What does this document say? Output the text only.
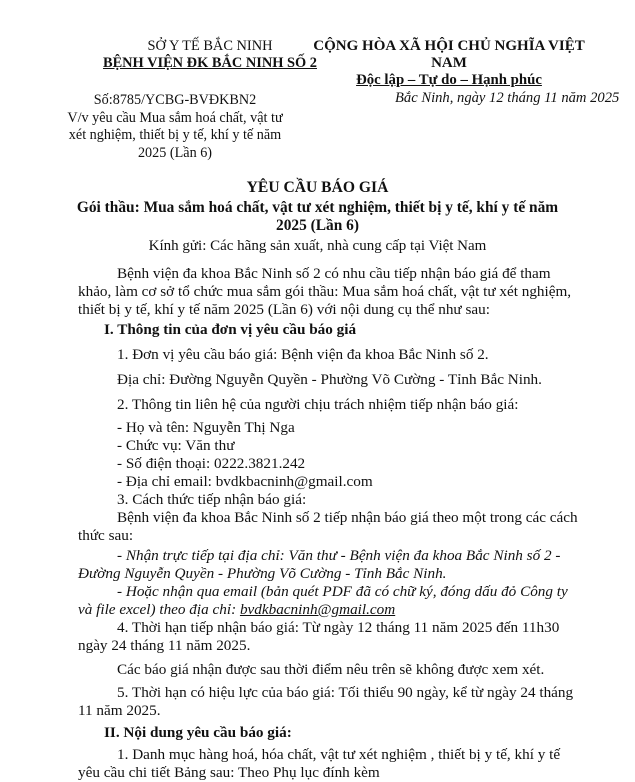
SỞ Y TẾ BẮC NINH
BỆNH VIỆN ĐK BẮC NINH SỐ 2
Số:8785/YCBG-BVĐKBN2
V/v yêu cầu Mua sắm hoá chất, vật tư
xét nghiệm, thiết bị y tế, khí y tế năm
2025 (Lần 6)
CỘNG HÒA XÃ HỘI CHỦ NGHĨA VIỆT NAM
Độc lập – Tự do – Hạnh phúc
Bắc Ninh, ngày 12 tháng 11 năm 2025
YÊU CẦU BÁO GIÁ
Gói thầu: Mua sắm hoá chất, vật tư xét nghiệm, thiết bị y tế, khí y tế năm
2025 (Lần 6)
Kính gửi: Các hãng sản xuất, nhà cung cấp tại Việt Nam
Bệnh viện đa khoa Bắc Ninh số 2 có nhu cầu tiếp nhận báo giá để tham
khảo, làm cơ sở tổ chức mua sắm gói thầu: Mua sắm hoá chất, vật tư xét nghiệm,
thiết bị y tế, khí y tế năm 2025 (Lần 6) với nội dung cụ thể như sau:
I. Thông tin của đơn vị yêu cầu báo giá
1. Đơn vị yêu cầu báo giá: Bệnh viện đa khoa Bắc Ninh số 2.
Địa chỉ: Đường Nguyễn Quyền - Phường Võ Cường - Tỉnh Bắc Ninh.
2. Thông tin liên hệ của người chịu trách nhiệm tiếp nhận báo giá:
- Họ và tên: Nguyễn Thị Nga
- Chức vụ: Văn thư
- Số điện thoại: 0222.3821.242
- Địa chỉ email: bvdkbacninh@gmail.com
3. Cách thức tiếp nhận báo giá:
Bệnh viện đa khoa Bắc Ninh số 2 tiếp nhận báo giá theo một trong các cách
thức sau:
- Nhận trực tiếp tại địa chỉ: Văn thư - Bệnh viện đa khoa Bắc Ninh số 2 -
Đường Nguyễn Quyền - Phường Võ Cường - Tỉnh Bắc Ninh.
- Hoặc nhận qua email (bản quét PDF đã có chữ ký, đóng dấu đỏ Công ty
và file excel) theo địa chỉ: bvdkbacninh@gmail.com
4. Thời hạn tiếp nhận báo giá: Từ ngày 12 tháng 11 năm 2025 đến 11h30
ngày 24 tháng 11 năm 2025.
Các báo giá nhận được sau thời điểm nêu trên sẽ không được xem xét.
5. Thời hạn có hiệu lực của báo giá: Tối thiểu 90 ngày, kể từ ngày 24 tháng
11 năm 2025.
II. Nội dung yêu cầu báo giá:
1. Danh mục hàng hoá, hóa chất, vật tư xét nghiệm , thiết bị y tế, khí y tế
yêu cầu chi tiết Bảng sau: Theo Phụ lục đính kèm
